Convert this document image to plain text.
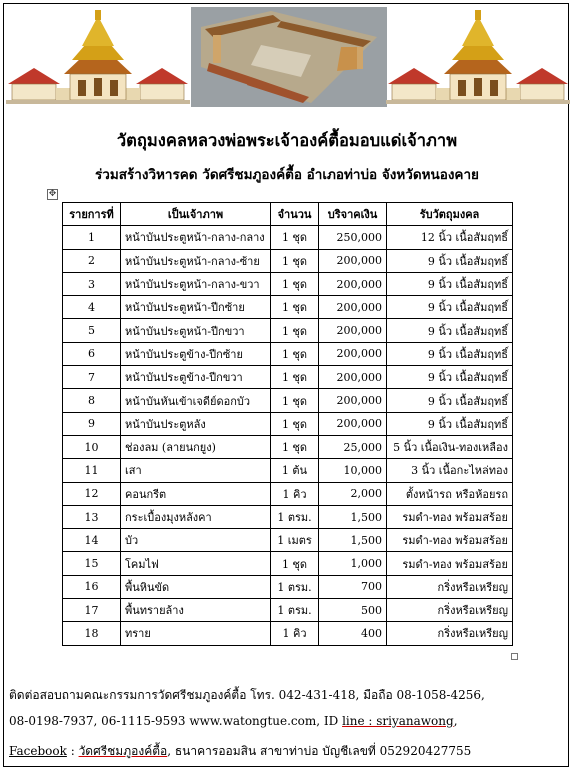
วัตถุมงคลหลวงพ่อพระเจ้าองค์ตื้อมอบแด่เจ้าภาพ
ร่วมสร้างวิหารคด วัดศรีชมภูองค์ตื้อ อำเภอท่าบ่อ จังหวัดหนองคาย
✥
รายการที่	เป็นเจ้าภาพ	จำนวน	บริจาคเงิน	รับวัตถุมงคล
1	หน้าบันประตูหน้า-กลาง-กลาง	1 ชุด	250,000	12 นิ้ว เนื้อสัมฤทธิ์
2	หน้าบันประตูหน้า-กลาง-ซ้าย	1 ชุด	200,000	9 นิ้ว เนื้อสัมฤทธิ์
3	หน้าบันประตูหน้า-กลาง-ขวา	1 ชุด	200,000	9 นิ้ว เนื้อสัมฤทธิ์
4	หน้าบันประตูหน้า-ปีกซ้าย	1 ชุด	200,000	9 นิ้ว เนื้อสัมฤทธิ์
5	หน้าบันประตูหน้า-ปีกขวา	1 ชุด	200,000	9 นิ้ว เนื้อสัมฤทธิ์
6	หน้าบันประตูข้าง-ปีกซ้าย	1 ชุด	200,000	9 นิ้ว เนื้อสัมฤทธิ์
7	หน้าบันประตูข้าง-ปีกขวา	1 ชุด	200,000	9 นิ้ว เนื้อสัมฤทธิ์
8	หน้าบันหันเข้าเจดีย์ดอกบัว	1 ชุด	200,000	9 นิ้ว เนื้อสัมฤทธิ์
9	หน้าบันประตูหลัง	1 ชุด	200,000	9 นิ้ว เนื้อสัมฤทธิ์
10	ช่องลม (ลายนกยูง)	1 ชุด	25,000	5 นิ้ว เนื้อเงิน-ทองเหลือง
11	เสา	1 ต้น	10,000	3 นิ้ว เนื้อกะไหล่ทอง
12	คอนกรีต	1 คิว	2,000	ตั้งหน้ารถ หรือห้อยรถ
13	กระเบื้องมุงหลังคา	1 ตรม.	1,500	รมดำ-ทอง พร้อมสร้อย
14	บัว	1 เมตร	1,500	รมดำ-ทอง พร้อมสร้อย
15	โคมไฟ	1 ชุด	1,000	รมดำ-ทอง พร้อมสร้อย
16	พื้นหินขัด	1 ตรม.	700	กริ่งหรือเหรียญ
17	พื้นทรายล้าง	1 ตรม.	500	กริ่งหรือเหรียญ
18	ทราย	1 คิว	400	กริ่งหรือเหรียญ
ติดต่อสอบถามคณะกรรมการวัดศรีชมภูองค์ตื้อ โทร. 042-431-418, มือถือ 08-1058-4256,
08-0198-7937, 06-1115-9593 www.watongtue.com, ID line : sriyanawong,
Facebook : วัดศรีชมภูองค์ตื้อ, ธนาคารออมสิน สาขาท่าบ่อ บัญชีเลขที่ 052920427755
